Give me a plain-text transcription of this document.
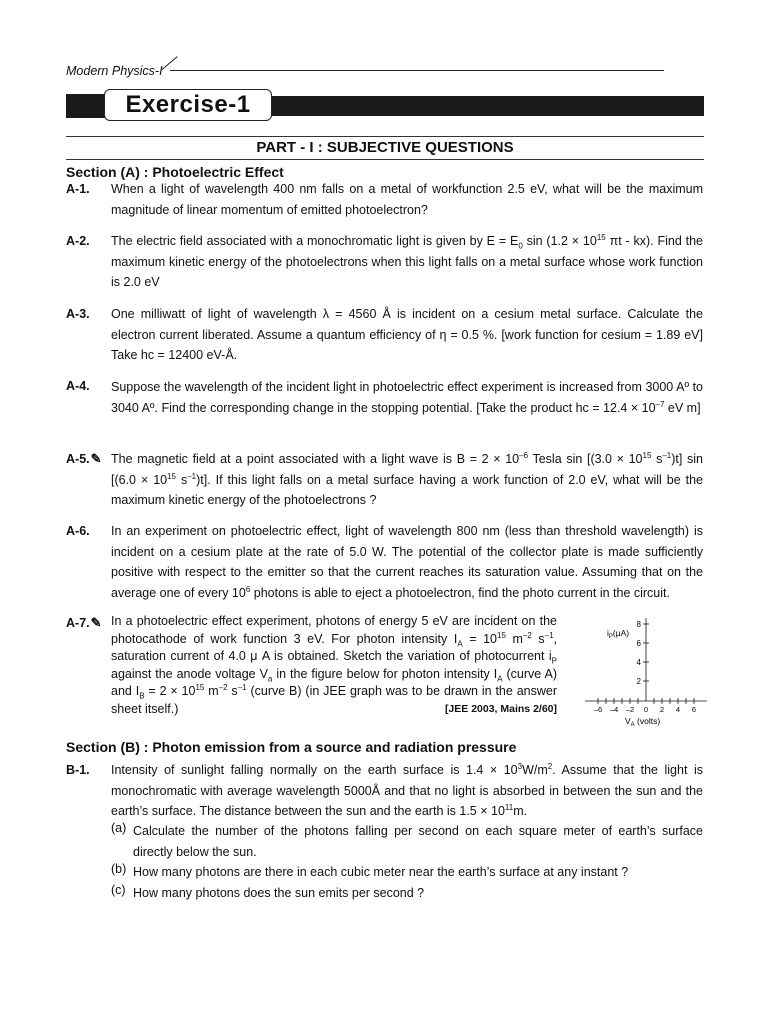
Modern Physics-I
Exercise-1
PART - I : SUBJECTIVE QUESTIONS
Section (A) : Photoelectric Effect
A-1. When a light of wavelength 400 nm falls on a metal of workfunction 2.5 eV, what will be the maximum magnitude of linear momentum of emitted photoelectron?
A-2. The electric field associated with a monochromatic light is given by $E = E_0$ $\sin (1.2 \times 10^{15}$ πt - kx). Find the maximum kinetic energy of the photoelectrons when this light falls on a metal surface whose work function is 2.0 eV
A-3. One milliwatt of light of wavelength λ = 4560 Å is incident on a cesium metal surface. Calculate the electron current liberated. Assume a quantum efficiency of η = 0.5 %. [work function for cesium = 1.89 eV] Take hc = 12400 eV-Å.
A-4. Suppose the wavelength of the incident light in photoelectric effect experiment is increased from 3000 Aº to 3040 Aº. Find the corresponding change in the stopping potential. [Take the product hc = $12.4 \times 10^{-7}$ eV m]
A-5.✎ The magnetic field at a point associated with a light wave is $B = 2 \times 10^{-6}$ Tesla $\sin [(3.0 \times 10^{15}$ $s^{-1})t$] $\sin [(6.0 \times 10^{15}$ $s^{-1})t$]. If this light falls on a metal surface having a work function of 2.0 eV, what will be the maximum kinetic energy of the photoelectrons ?
A-6. In an experiment on photoelectric effect, light of wavelength 800 nm (less than threshold wavelength) is incident on a cesium plate at the rate of 5.0 W. The potential of the collector plate is made sufficiently positive with respect to the emitter so that the current reaches its saturation value. Assuming that on the average one of every $10^6$ photons is able to eject a photoelectron, find the photo current in the circuit.
A-7.✎ In a photoelectric effect experiment, photons of energy 5 eV are incident on the photocathode of work function 3 eV. For photon intensity $I_A = 10^{15}$ $m^{-2}$ $s^{-1}$, saturation current of 4.0 μ A is obtained. Sketch the variation of photocurrent $i_P$ against the anode voltage $V_a$ in the figure below for photon intensity $I_A$ (curve A) and $I_B = 2 \times 10^{15}$ $m^{-2}$ $s^{-1}$ (curve B) (in JEE graph was to be drawn in the answer sheet itself.)	[JEE 2003, Mains 2/60]
8
6
4
2
$i_P(\mu A)$
–6 –4 –2 0 2 4 6
$V_A$ (volts)
Section (B) : Photon emission from a source and radiation pressure
B-1. Intensity of sunlight falling normally on the earth surface is $1.4 \times 10^3W/m^2$. Assume that the light is monochromatic with average wavelength 5000Å and that no light is absorbed in between the sun and the earth’s surface. The distance between the sun and the earth is $1.5 \times 10^{11}m$.
(a) Calculate the number of the photons falling per second on each square meter of earth’s surface directly below the sun.
(b) How many photons are there in each cubic meter near the earth’s surface at any instant ?
(c) How many photons does the sun emits per second ?
